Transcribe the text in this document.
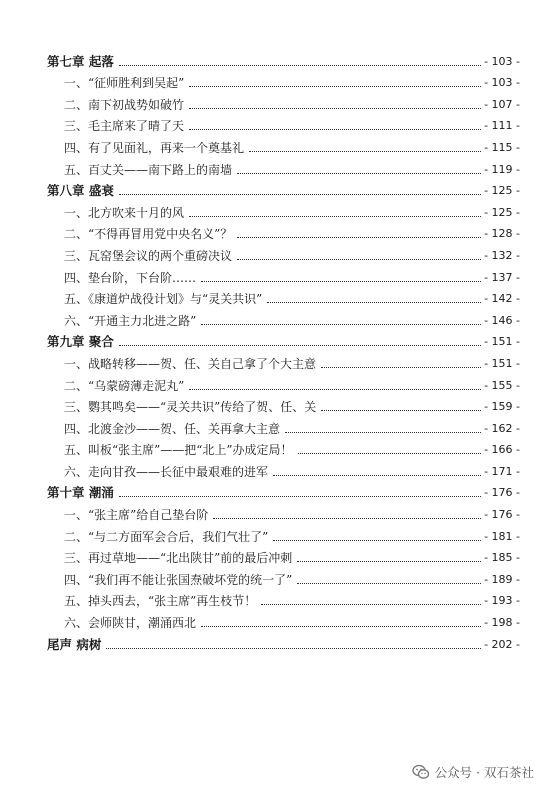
第七章 起落	- 103 -
一、“征师胜利到吴起”	- 103 -
二、南下初战势如破竹	- 107 -
三、毛主席来了晴了天	- 111 -
四、有了见面礼，再来一个奠基礼	- 115 -
五、百丈关——南下路上的南墙	- 119 -
第八章 盛衰	- 125 -
一、北方吹来十月的风	- 125 -
二、“不得再冒用党中央名义”？	- 128 -
三、瓦窑堡会议的两个重磅决议	- 132 -
四、垫台阶，下台阶……	- 137 -
五、《康道炉战役计划》与“灵关共识”	- 142 -
六、“开通主力北进之路”	- 146 -
第九章 聚合	- 151 -
一、战略转移——贺、任、关自己拿了个大主意	- 151 -
二、“乌蒙磅薄走泥丸”	- 155 -
三、鹦其鸣矣——“灵关共识”传给了贺、任、关	- 159 -
四、北渡金沙——贺、任、关再拿大主意	- 162 -
五、叫板“张主席”——把“北上”办成定局！	- 166 -
六、走向甘孜——长征中最艰难的进军	- 171 -
第十章 潮涌	- 176 -
一、“张主席”给自己垫台阶	- 176 -
二、“与二方面军会合后，我们气壮了”	- 181 -
三、再过草地——“北出陕甘”前的最后冲刺	- 185 -
四、“我们再不能让张国焘破坏党的统一了”	- 189 -
五、掉头西去，“张主席”再生枝节！	- 193 -
六、会师陕甘，潮涌西北	- 198 -
尾声 病树	- 202 -
公众号 · 双石茶社
